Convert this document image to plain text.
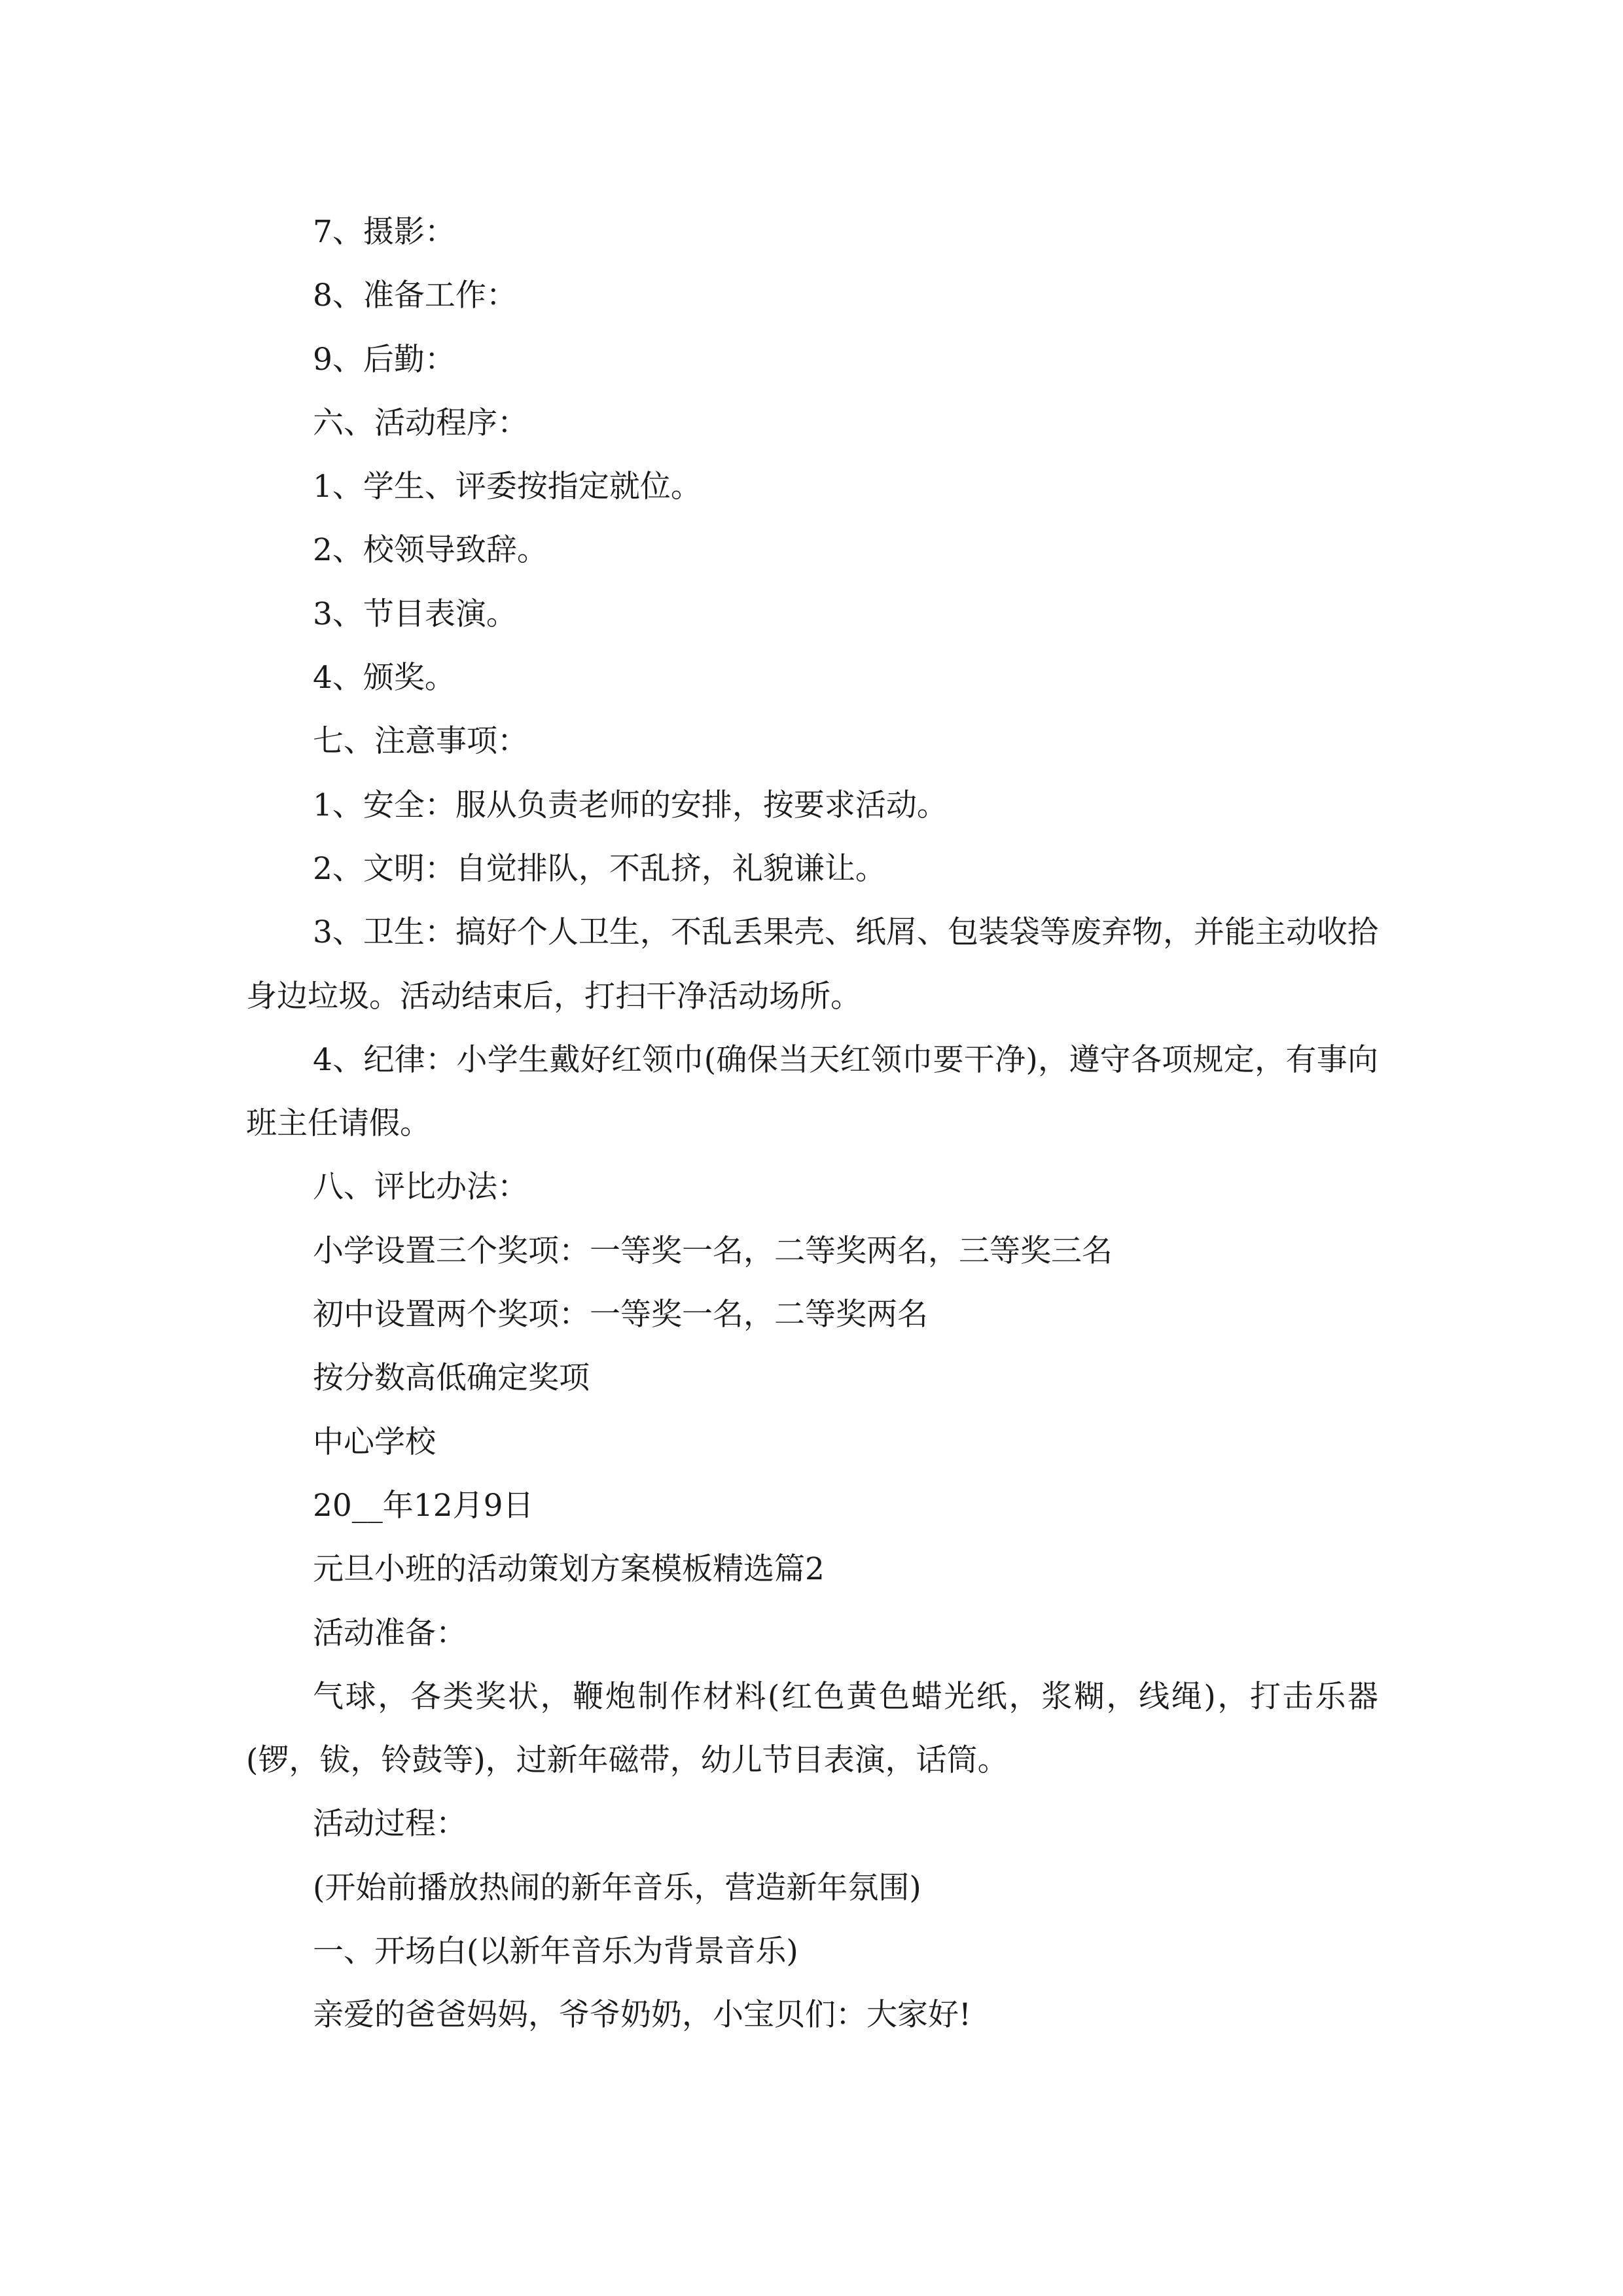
7、摄影：

8、准备工作：

9、后勤：

六、活动程序：

1、学生、评委按指定就位。

2、校领导致辞。

3、节目表演。

4、颁奖。

七、注意事项：

1、安全：服从负责老师的安排，按要求活动。

2、文明：自觉排队，不乱挤，礼貌谦让。

3、卫生：搞好个人卫生，不乱丢果壳、纸屑、包装袋等废弃物，并能主动收拾身边垃圾。活动结束后，打扫干净活动场所。

4、纪律：小学生戴好红领巾(确保当天红领巾要干净)，遵守各项规定，有事向班主任请假。

八、评比办法：

小学设置三个奖项：一等奖一名，二等奖两名，三等奖三名

初中设置两个奖项：一等奖一名，二等奖两名

按分数高低确定奖项

中心学校

20__年12月9日

元旦小班的活动策划方案模板精选篇2

活动准备：

气球，各类奖状，鞭炮制作材料(红色黄色蜡光纸，浆糊，线绳)，打击乐器(锣，钹，铃鼓等)，过新年磁带，幼儿节目表演，话筒。

活动过程：

(开始前播放热闹的新年音乐，营造新年氛围)

一、开场白(以新年音乐为背景音乐)

亲爱的爸爸妈妈，爷爷奶奶，小宝贝们：大家好!
